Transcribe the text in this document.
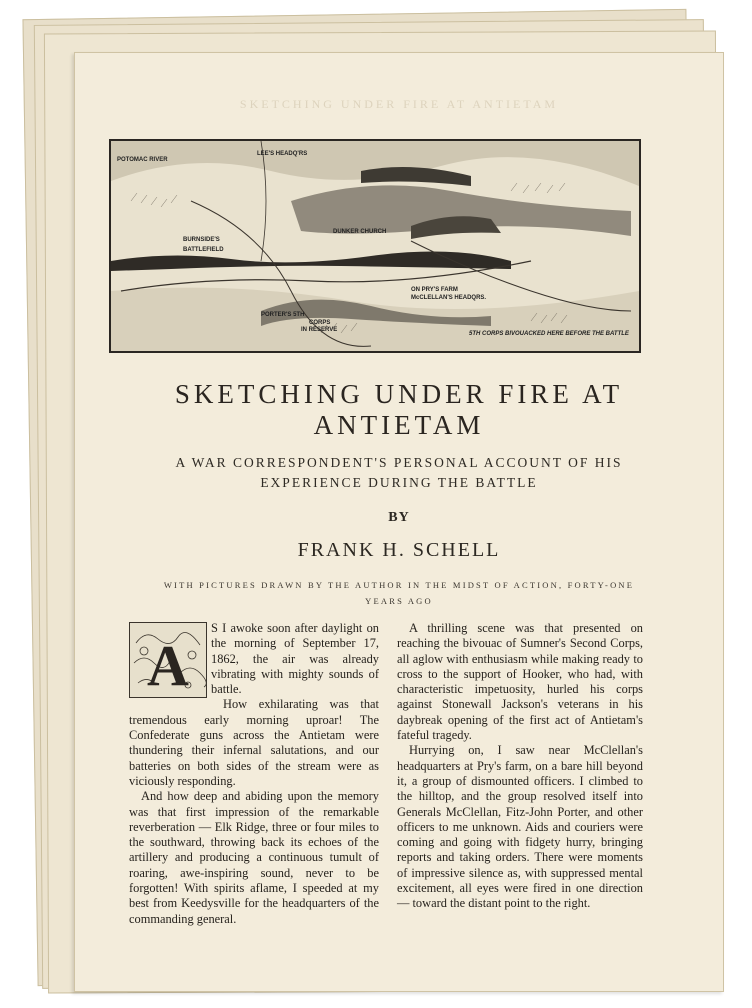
SKETCHING UNDER FIRE AT ANTIETAM
POTOMAC RIVER
LEE'S HEADQ'RS
BURNSIDE'S
BATTLEFIELD
DUNKER CHURCH
PORTER'S 5TH
CORPS
IN RESERVE
ON PRY'S FARM
McCLELLAN'S HEADQRS.
5TH CORPS BIVOUACKED HERE BEFORE THE BATTLE
SKETCHING UNDER FIRE AT
ANTIETAM
A WAR CORRESPONDENT'S PERSONAL ACCOUNT OF HIS
EXPERIENCE DURING THE BATTLE
BY
FRANK H. SCHELL
WITH PICTURES DRAWN BY THE AUTHOR IN THE MIDST OF ACTION, FORTY-ONE
YEARS AGO
A

S I awoke soon after daylight on the morning of September 17, 1862, the air was already vibrating with mighty sounds of battle.

How exhilarating was that tremendous early morning uproar! The Confederate guns across the Antietam were thundering their infernal salutations, and our batteries on both sides of the stream were as viciously responding.

And how deep and abiding upon the memory was that first impression of the remarkable reverberation — Elk Ridge, three or four miles to the southward, throwing back its echoes of the artillery and producing a continuous tumult of roaring, awe-inspiring sound, never to be forgotten! With spirits aflame, I speeded at my best from Keedysville for the headquarters of the commanding general.

A thrilling scene was that presented on reaching the bivouac of Sumner's Second Corps, all aglow with enthusiasm while making ready to cross to the support of Hooker, who had, with characteristic impetuosity, hurled his corps against Stonewall Jackson's veterans in his daybreak opening of the first act of Antietam's fateful tragedy.

Hurrying on, I saw near McClellan's headquarters at Pry's farm, on a bare hill beyond it, a group of dismounted officers. I climbed to the hilltop, and the group resolved itself into Generals McClellan, Fitz-John Porter, and other officers to me unknown. Aids and couriers were coming and going with fidgety hurry, bringing reports and taking orders. There were moments of impressive silence as, with suppressed mental excitement, all eyes were fired in one direction — toward the distant point to the right.
